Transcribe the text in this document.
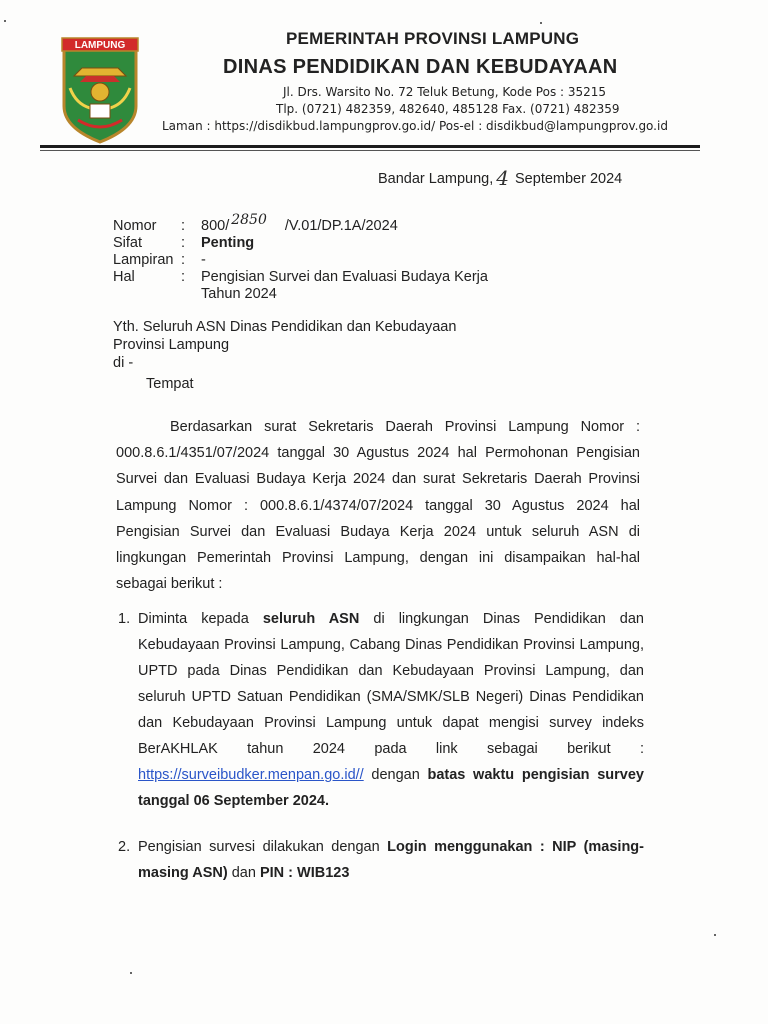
LAMPUNG	PEMERINTAH PROVINSI LAMPUNG
DINAS PENDIDIKAN DAN KEBUDAYAAN
Jl. Drs. Warsito No. 72 Teluk Betung, Kode Pos : 35215
Tlp. (0721) 482359, 482640, 485128 Fax. (0721) 482359
Laman : https://disdikbud.lampungprov.go.id/ Pos-el : disdikbud@lampungprov.go.id
Bandar Lampung, 4 September 2024
Nomor	:	800/ 2850 /V.01/DP.1A/2024
Sifat	:	Penting
Lampiran :	-
Hal	:	Pengisian Survei dan Evaluasi Budaya Kerja
Tahun 2024
Yth. Seluruh ASN Dinas Pendidikan dan Kebudayaan
Provinsi Lampung
di -
Tempat
Berdasarkan surat Sekretaris Daerah Provinsi Lampung Nomor : 000.8.6.1/4351/07/2024 tanggal 30 Agustus 2024 hal Permohonan Pengisian Survei dan Evaluasi Budaya Kerja 2024 dan surat Sekretaris Daerah Provinsi Lampung Nomor : 000.8.6.1/4374/07/2024 tanggal 30 Agustus 2024 hal Pengisian Survei dan Evaluasi Budaya Kerja 2024 untuk seluruh ASN di lingkungan Pemerintah Provinsi Lampung, dengan ini disampaikan hal-hal sebagai berikut :
1. Diminta kepada seluruh ASN di lingkungan Dinas Pendidikan dan Kebudayaan Provinsi Lampung, Cabang Dinas Pendidikan Provinsi Lampung, UPTD pada Dinas Pendidikan dan Kebudayaan Provinsi Lampung, dan seluruh UPTD Satuan Pendidikan (SMA/SMK/SLB Negeri) Dinas Pendidikan dan Kebudayaan Provinsi Lampung untuk dapat mengisi survey indeks BerAKHLAK tahun 2024 pada link sebagai berikut : https://surveibudker.menpan.go.id// dengan batas waktu pengisian survey tanggal 06 September 2024.
2. Pengisian survesi dilakukan dengan Login menggunakan : NIP (masing-masing ASN) dan PIN : WIB123
